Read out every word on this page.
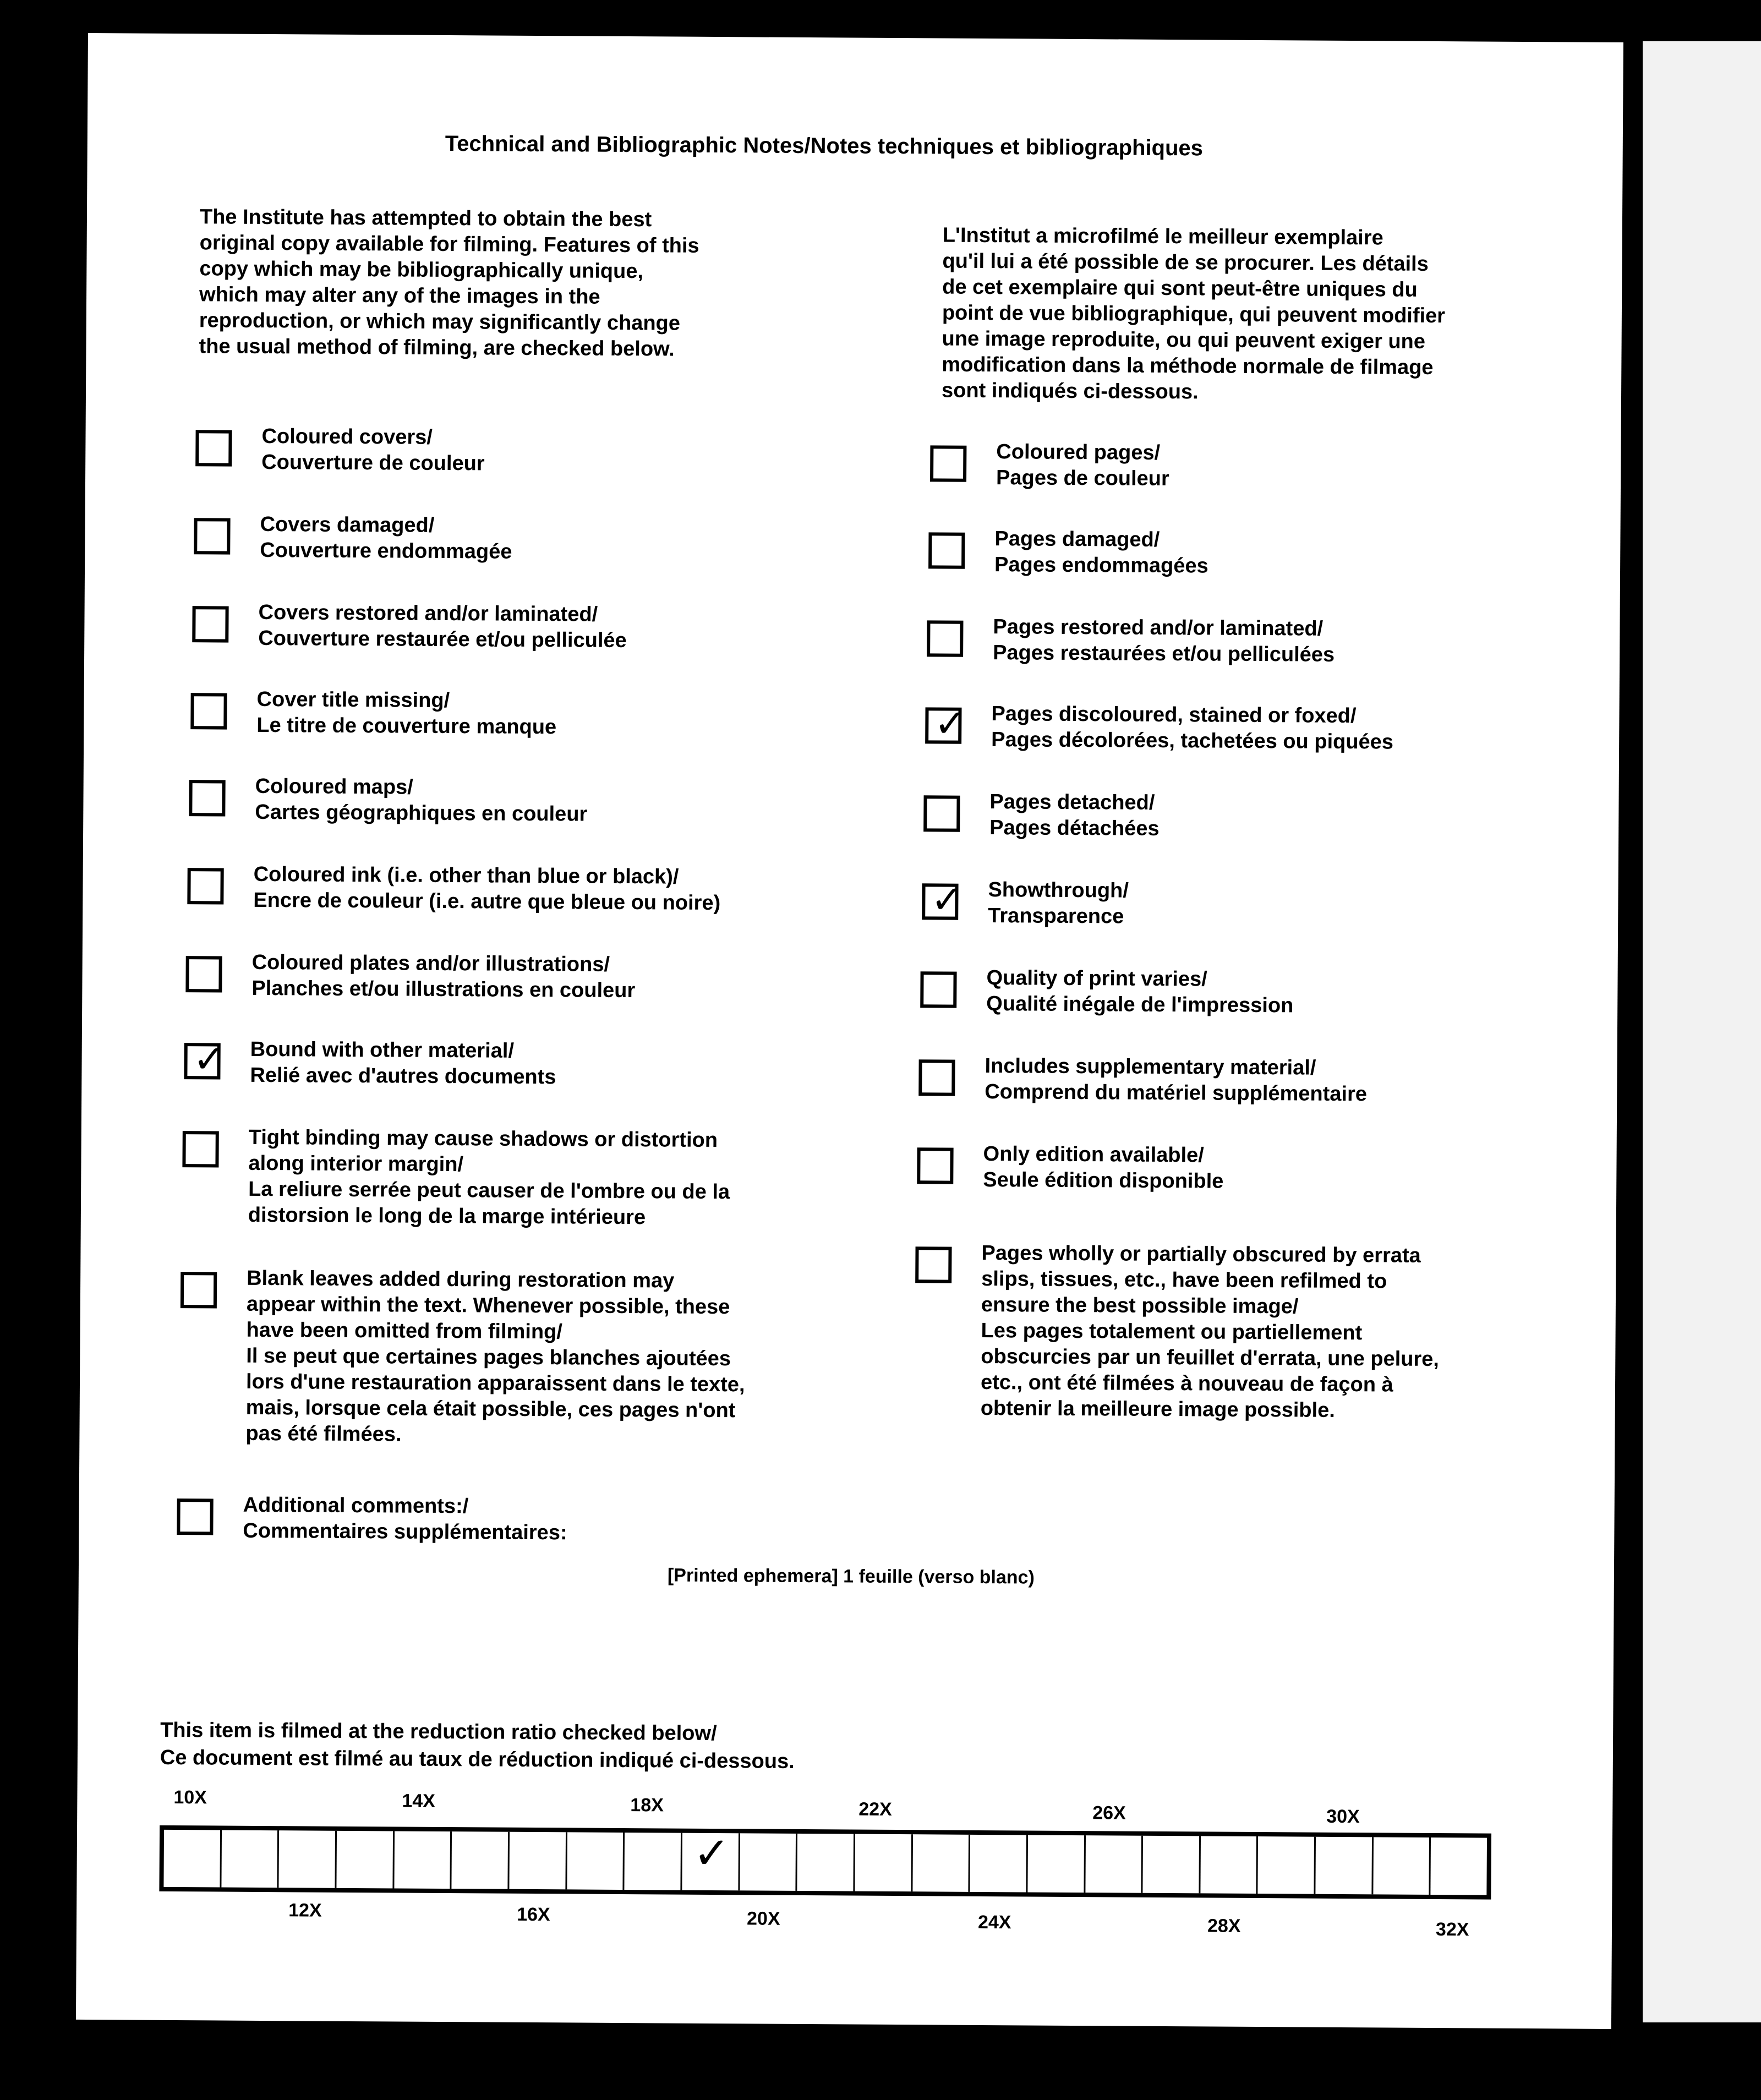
Technical and Bibliographic Notes/Notes techniques et bibliographiques
The Institute has attempted to obtain the best
original copy available for filming. Features of this
copy which may be bibliographically unique,
which may alter any of the images in the
reproduction, or which may significantly change
the usual method of filming, are checked below.
L'Institut a microfilmé le meilleur exemplaire
qu'il lui a été possible de se procurer. Les détails
de cet exemplaire qui sont peut-être uniques du
point de vue bibliographique, qui peuvent modifier
une image reproduite, ou qui peuvent exiger une
modification dans la méthode normale de filmage
sont indiqués ci-dessous.
Coloured covers/
Couverture de couleur
Covers damaged/
Couverture endommagée
Covers restored and/or laminated/
Couverture restaurée et/ou pelliculée
Cover title missing/
Le titre de couverture manque
Coloured maps/
Cartes géographiques en couleur
Coloured ink (i.e. other than blue or black)/
Encre de couleur (i.e. autre que bleue ou noire)
Coloured plates and/or illustrations/
Planches et/ou illustrations en couleur
✓ Bound with other material/
Relié avec d'autres documents
Tight binding may cause shadows or distortion
along interior margin/
La reliure serrée peut causer de l'ombre ou de la
distorsion le long de la marge intérieure
Blank leaves added during restoration may
appear within the text. Whenever possible, these
have been omitted from filming/
Il se peut que certaines pages blanches ajoutées
lors d'une restauration apparaissent dans le texte,
mais, lorsque cela était possible, ces pages n'ont
pas été filmées.
Additional comments:/
Commentaires supplémentaires:
[Printed ephemera] 1 feuille (verso blanc)
Coloured pages/
Pages de couleur
Pages damaged/
Pages endommagées
Pages restored and/or laminated/
Pages restaurées et/ou pelliculées
✓ Pages discoloured, stained or foxed/
Pages décolorées, tachetées ou piquées
Pages detached/
Pages détachées
✓ Showthrough/
Transparence
Quality of print varies/
Qualité inégale de l'impression
Includes supplementary material/
Comprend du matériel supplémentaire
Only edition available/
Seule édition disponible
Pages wholly or partially obscured by errata
slips, tissues, etc., have been refilmed to
ensure the best possible image/
Les pages totalement ou partiellement
obscurcies par un feuillet d'errata, une pelure,
etc., ont été filmées à nouveau de façon à
obtenir la meilleure image possible.
This item is filmed at the reduction ratio checked below/
Ce document est filmé au taux de réduction indiqué ci-dessous.
10X	14X	18X	22X	26X	30X
✓
12X	16X	20X	24X	28X	32X
